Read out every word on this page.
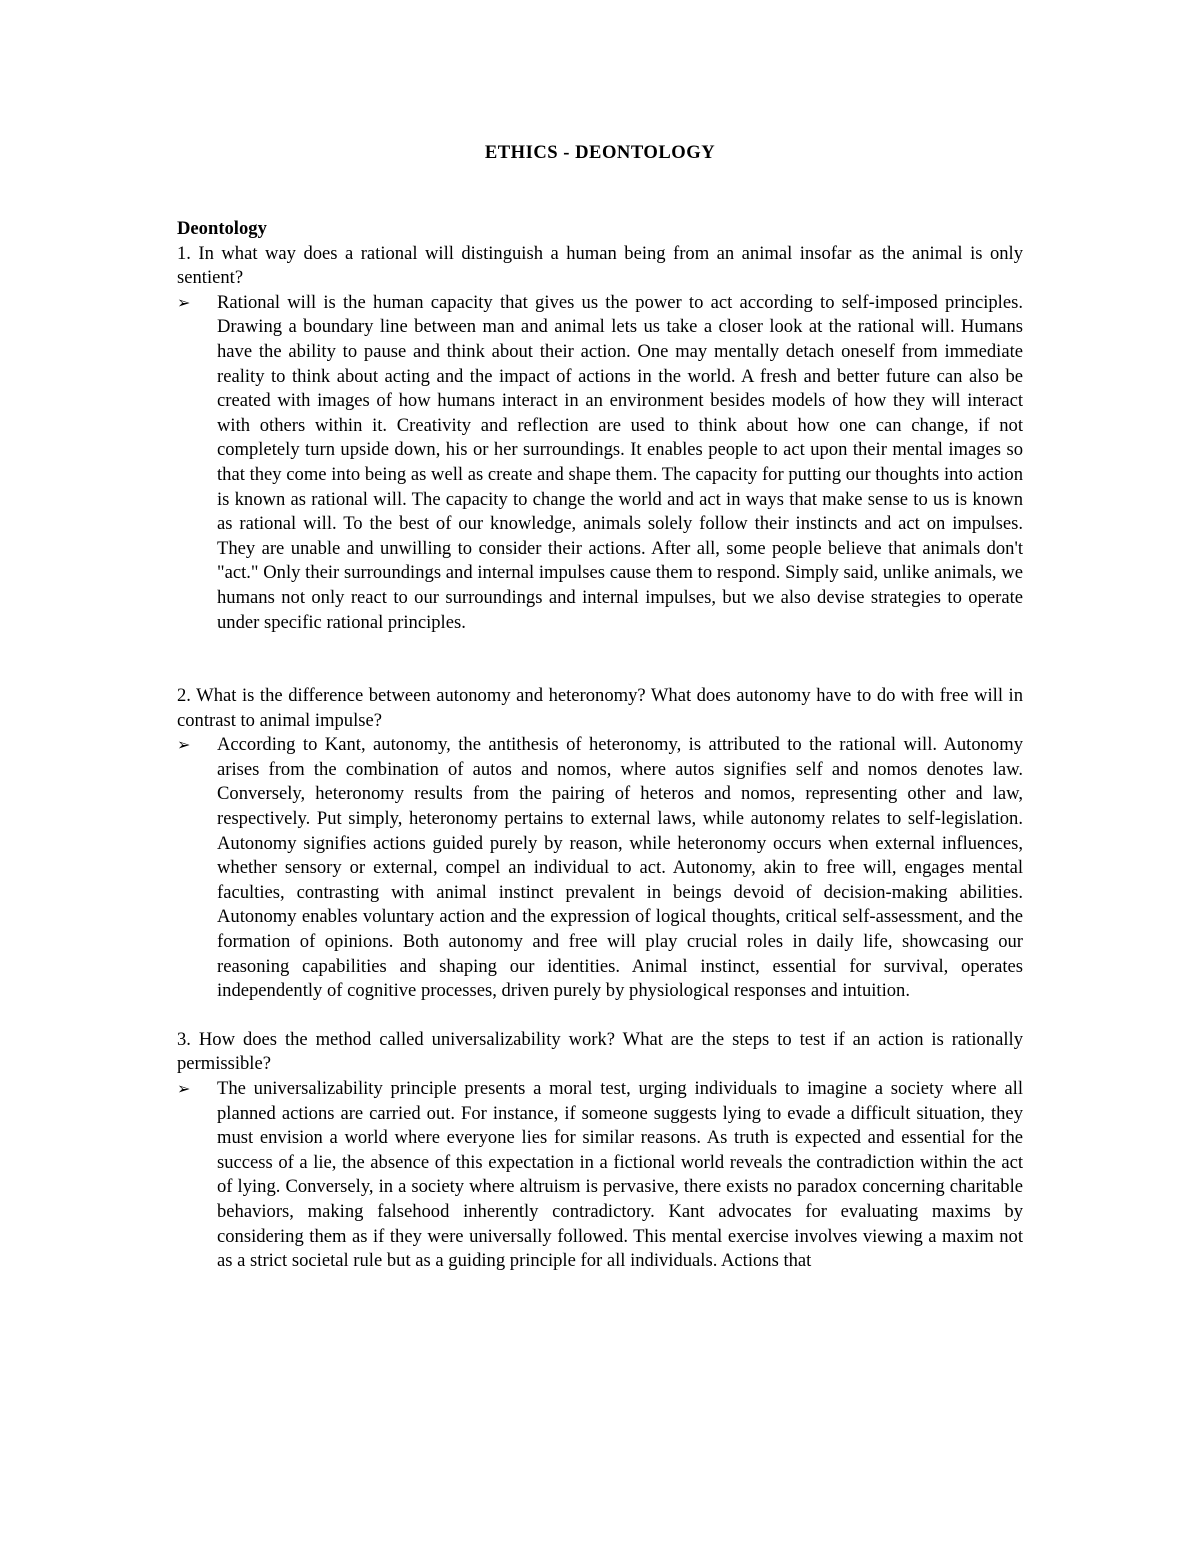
ETHICS - DEONTOLOGY

Deontology

1. In what way does a rational will distinguish a human being from an animal insofar as the animal is only sentient?

➢	Rational will is the human capacity that gives us the power to act according to self-imposed principles. Drawing a boundary line between man and animal lets us take a closer look at the rational will. Humans have the ability to pause and think about their action. One may mentally detach oneself from immediate reality to think about acting and the impact of actions in the world. A fresh and better future can also be created with images of how humans interact in an environment besides models of how they will interact with others within it. Creativity and reflection are used to think about how one can change, if not completely turn upside down, his or her surroundings. It enables people to act upon their mental images so that they come into being as well as create and shape them. The capacity for putting our thoughts into action is known as rational will. The capacity to change the world and act in ways that make sense to us is known as rational will. To the best of our knowledge, animals solely follow their instincts and act on impulses. They are unable and unwilling to consider their actions. After all, some people believe that animals don't "act." Only their surroundings and internal impulses cause them to respond. Simply said, unlike animals, we humans not only react to our surroundings and internal impulses, but we also devise strategies to operate under specific rational principles.

2. What is the difference between autonomy and heteronomy? What does autonomy have to do with free will in contrast to animal impulse?

➢	According to Kant, autonomy, the antithesis of heteronomy, is attributed to the rational will. Autonomy arises from the combination of autos and nomos, where autos signifies self and nomos denotes law. Conversely, heteronomy results from the pairing of heteros and nomos, representing other and law, respectively. Put simply, heteronomy pertains to external laws, while autonomy relates to self-legislation. Autonomy signifies actions guided purely by reason, while heteronomy occurs when external influences, whether sensory or external, compel an individual to act. Autonomy, akin to free will, engages mental faculties, contrasting with animal instinct prevalent in beings devoid of decision-making abilities. Autonomy enables voluntary action and the expression of logical thoughts, critical self-assessment, and the formation of opinions. Both autonomy and free will play crucial roles in daily life, showcasing our reasoning capabilities and shaping our identities. Animal instinct, essential for survival, operates independently of cognitive processes, driven purely by physiological responses and intuition.

3. How does the method called universalizability work? What are the steps to test if an action is rationally permissible?

➢	The universalizability principle presents a moral test, urging individuals to imagine a society where all planned actions are carried out. For instance, if someone suggests lying to evade a difficult situation, they must envision a world where everyone lies for similar reasons. As truth is expected and essential for the success of a lie, the absence of this expectation in a fictional world reveals the contradiction within the act of lying. Conversely, in a society where altruism is pervasive, there exists no paradox concerning charitable behaviors, making falsehood inherently contradictory. Kant advocates for evaluating maxims by considering them as if they were universally followed. This mental exercise involves viewing a maxim not as a strict societal rule but as a guiding principle for all individuals. Actions that
